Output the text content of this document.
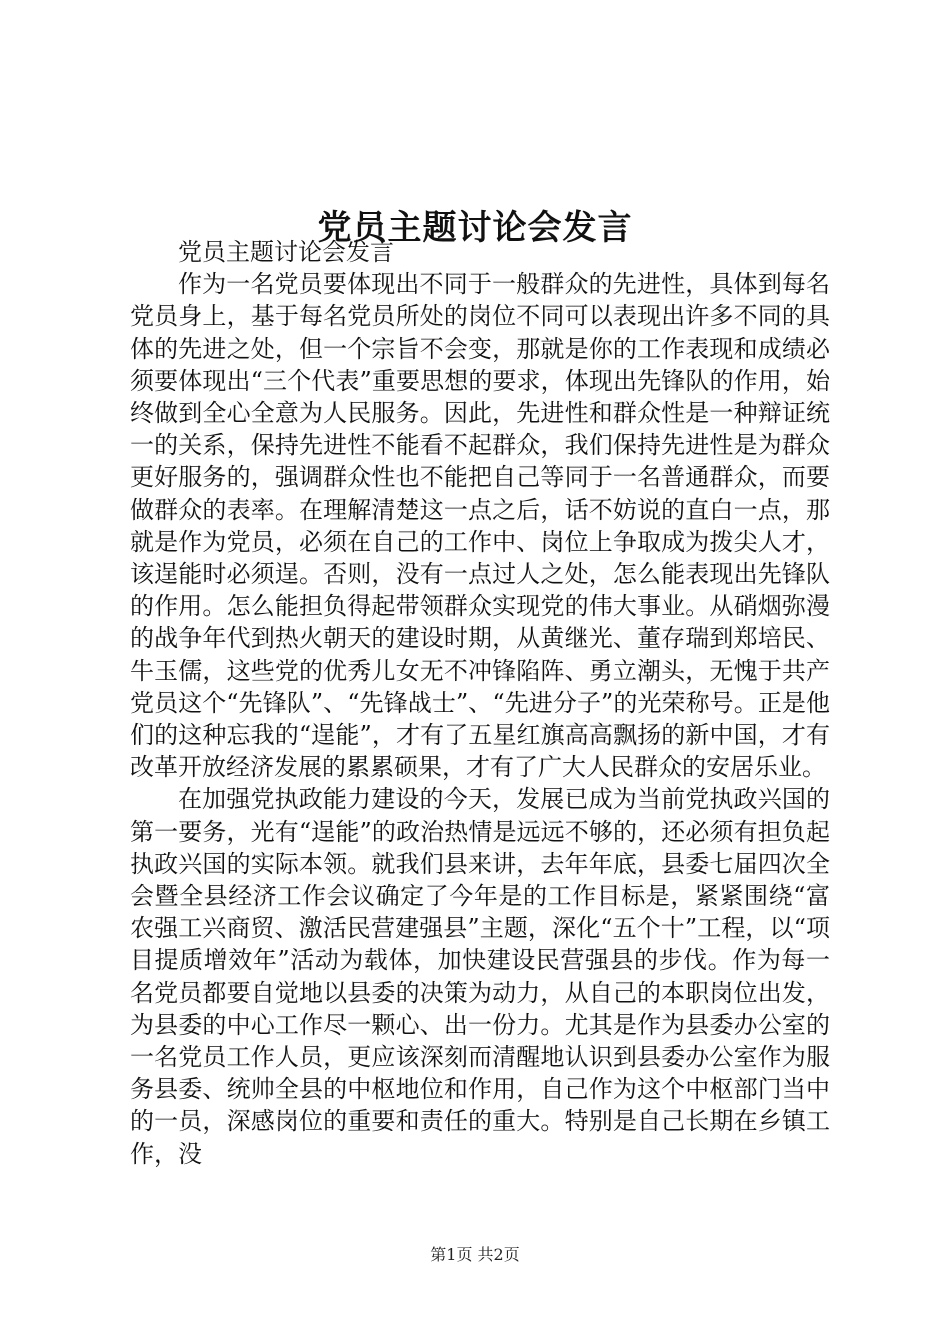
党员主题讨论会发言

党员主题讨论会发言

作为一名党员要体现出不同于一般群众的先进性，具体到每名党员身上，基于每名党员所处的岗位不同可以表现出许多不同的具体的先进之处，但一个宗旨不会变，那就是你的工作表现和成绩必须要体现出“三个代表”重要思想的要求，体现出先锋队的作用，始终做到全心全意为人民服务。因此，先进性和群众性是一种辩证统一的关系，保持先进性不能看不起群众，我们保持先进性是为群众更好服务的，强调群众性也不能把自己等同于一名普通群众，而要做群众的表率。在理解清楚这一点之后，话不妨说的直白一点，那就是作为党员，必须在自己的工作中、岗位上争取成为拨尖人才，该逞能时必须逞。否则，没有一点过人之处，怎么能表现出先锋队的作用。怎么能担负得起带领群众实现党的伟大事业。从硝烟弥漫的战争年代到热火朝天的建设时期，从黄继光、董存瑞到郑培民、牛玉儒，这些党的优秀儿女无不冲锋陷阵、勇立潮头，无愧于共产党员这个“先锋队”、“先锋战士”、“先进分子”的光荣称号。正是他们的这种忘我的“逞能”，才有了五星红旗高高飘扬的新中国，才有改革开放经济发展的累累硕果，才有了广大人民群众的安居乐业。

在加强党执政能力建设的今天，发展已成为当前党执政兴国的第一要务，光有“逞能”的政治热情是远远不够的，还必须有担负起执政兴国的实际本领。就我们县来讲，去年年底，县委七届四次全会暨全县经济工作会议确定了今年是的工作目标是，紧紧围绕“富农强工兴商贸、激活民营建强县”主题，深化“五个十”工程，以“项目提质增效年”活动为载体，加快建设民营强县的步伐。作为每一名党员都要自觉地以县委的决策为动力，从自己的本职岗位出发，为县委的中心工作尽一颗心、出一份力。尤其是作为县委办公室的一名党员工作人员，更应该深刻而清醒地认识到县委办公室作为服务县委、统帅全县的中枢地位和作用，自己作为这个中枢部门当中的一员，深感岗位的重要和责任的重大。特别是自己长期在乡镇工作，没

第1页 共2页
